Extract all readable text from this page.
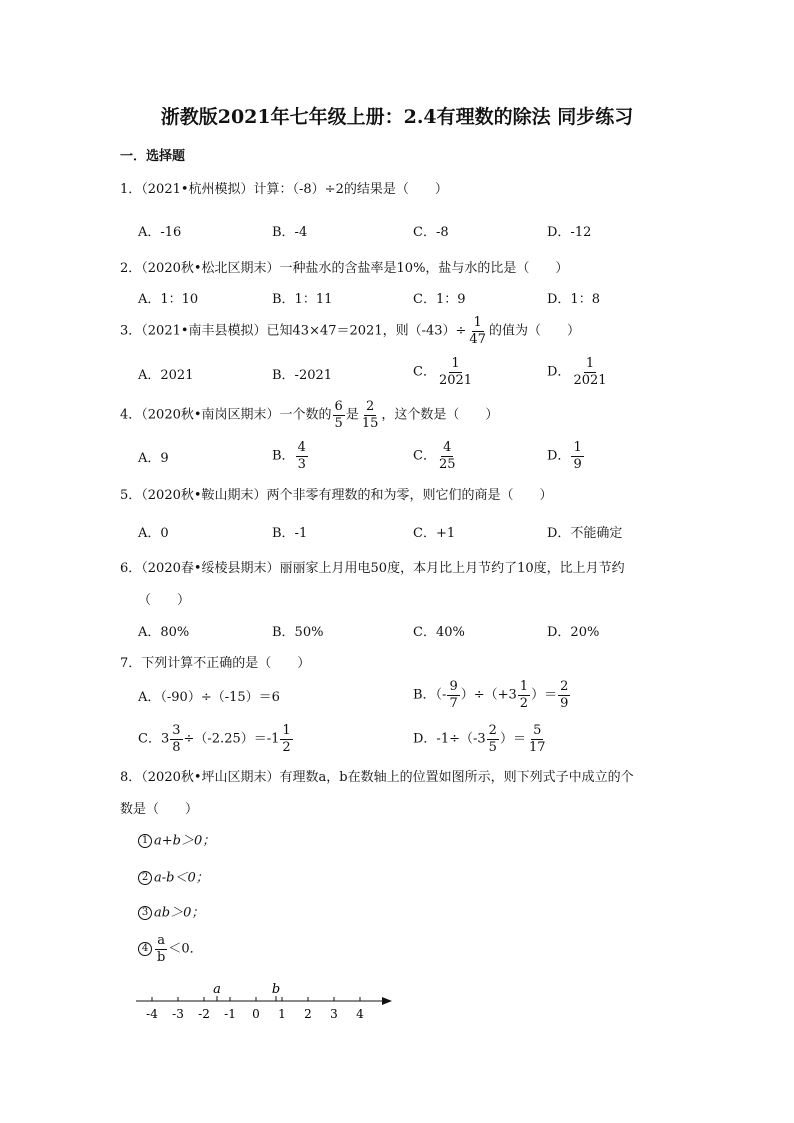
浙教版2021年七年级上册：2.4有理数的除法 同步练习
一．选择题
1．（2021•杭州模拟）计算：（-8）÷2的结果是（　　）
A．-16	B．-4	C．-8	D．-12
2．（2020秋•松北区期末）一种盐水的含盐率是10%，盐与水的比是（　　）
A．1：10	B．1：11	C．1：9	D．1：8
3．（2021•南丰县模拟）已知43×47＝2021，则$(-43)\div \frac{1}{47}$ 的值为（　　）
A．2021	B．-2021	C． $\frac{1}{2021}$	D． $\frac{1}{2021}$
4．（2020秋•南岗区期末）一个数的 $\frac{6}{5}$ 是 $\frac{2}{15}$ ，这个数是（　　）
A．9	B． $\frac{4}{3}$	C． $\frac{4}{25}$	D． $\frac{1}{9}$
5．（2020秋•鞍山期末）两个非零有理数的和为零，则它们的商是（　　）
A．0	B．-1	C．+1	D．不能确定
6．（2020春•绥棱县期末）丽丽家上月用电50度，本月比上月节约了10度，比上月节约
（　　）
A．80%	B．50%	C．40%	D．20%
7．下列计算不正确的是（　　）
A．（-90）÷（-15）＝6	B．（- $\frac{9}{7} )\div(+3 \frac{1}{2}$ ）＝ $\frac{2}{9}$
C．$3 \frac{3}{8} \div(-2.25)=-1 \frac{1}{2}$	D．$-1\div(-3 \frac{2}{5}$ ）＝ $\frac{5}{17}$
8．（2020秋•坪山区期末）有理数a，b在数轴上的位置如图所示，则下列式子中成立的个
数是（　　）
1 a+b＞0；
2 a-b＜0；
3 ab＞0；
$4 \frac{a}{b} <0$．
-4 -3 -2 -1 0 1 2 3 4
a	b
